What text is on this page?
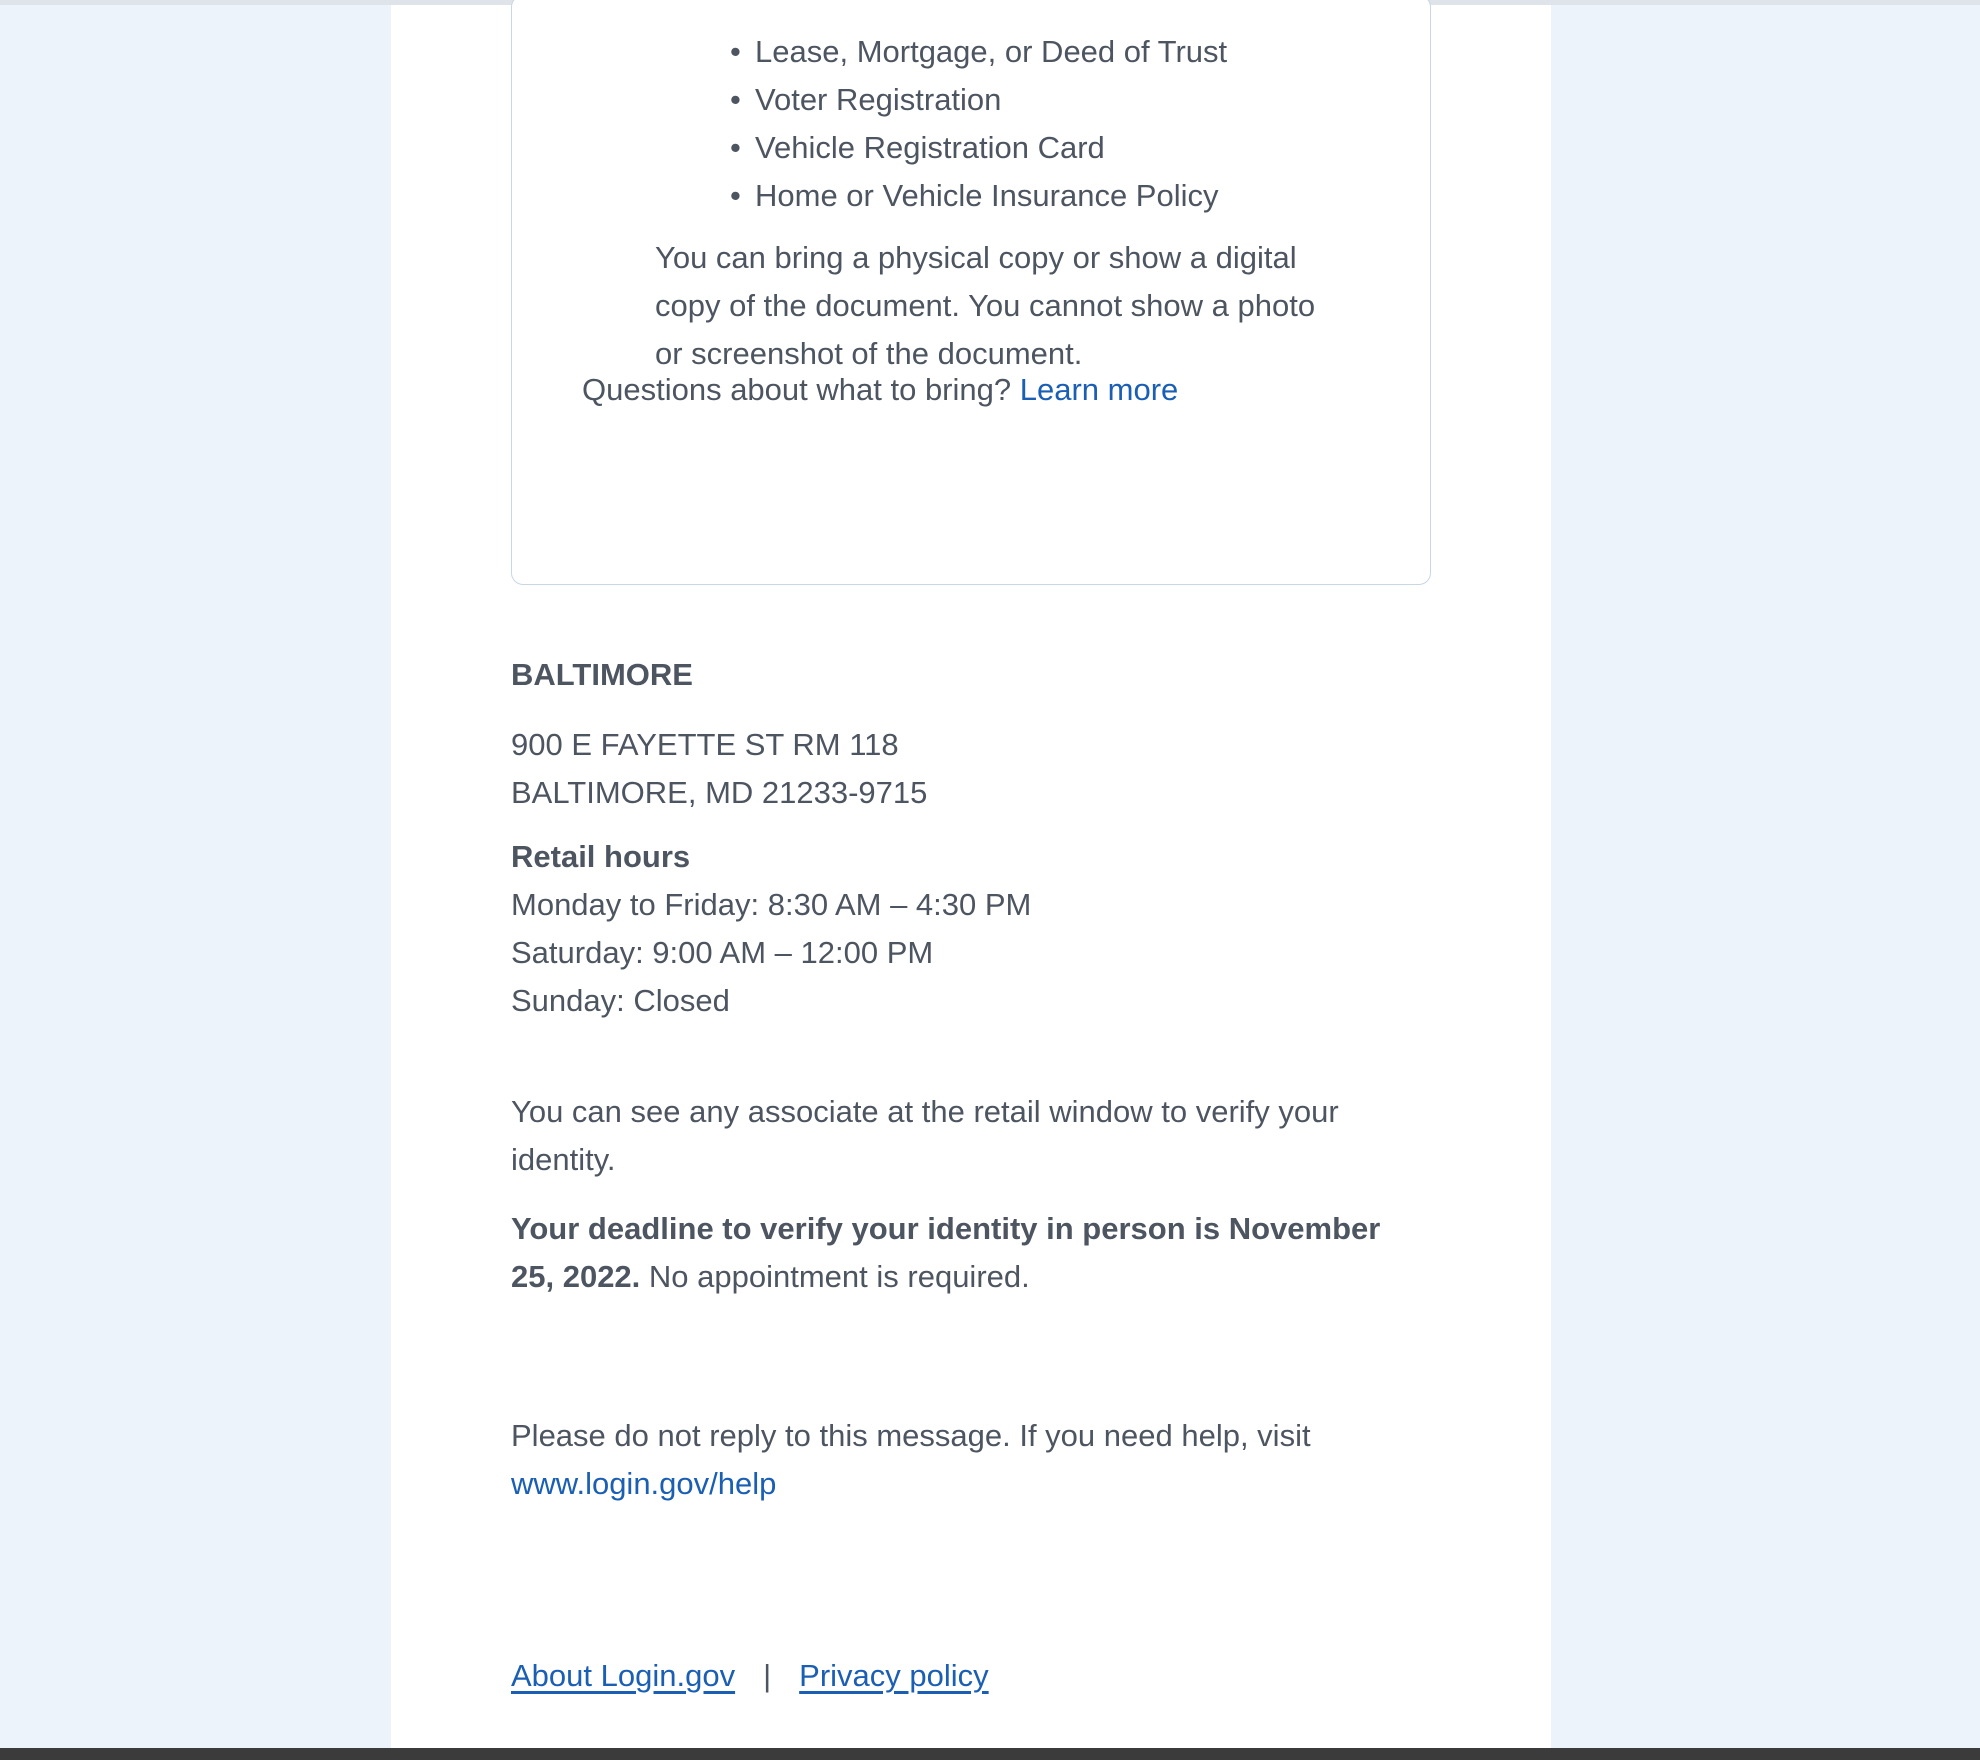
• Lease, Mortgage, or Deed of Trust
• Voter Registration
• Vehicle Registration Card
• Home or Vehicle Insurance Policy
You can bring a physical copy or show a digital
copy of the document. You cannot show a photo
or screenshot of the document.
Questions about what to bring? Learn more
BALTIMORE
900 E FAYETTE ST RM 118
BALTIMORE, MD 21233-9715
Retail hours
Monday to Friday: 8:30 AM – 4:30 PM
Saturday: 9:00 AM – 12:00 PM
Sunday: Closed
You can see any associate at the retail window to verify your identity.
Your deadline to verify your identity in person is November 25, 2022. No appointment is required.
Please do not reply to this message. If you need help, visit
www.login.gov/help
About Login.gov | Privacy policy
